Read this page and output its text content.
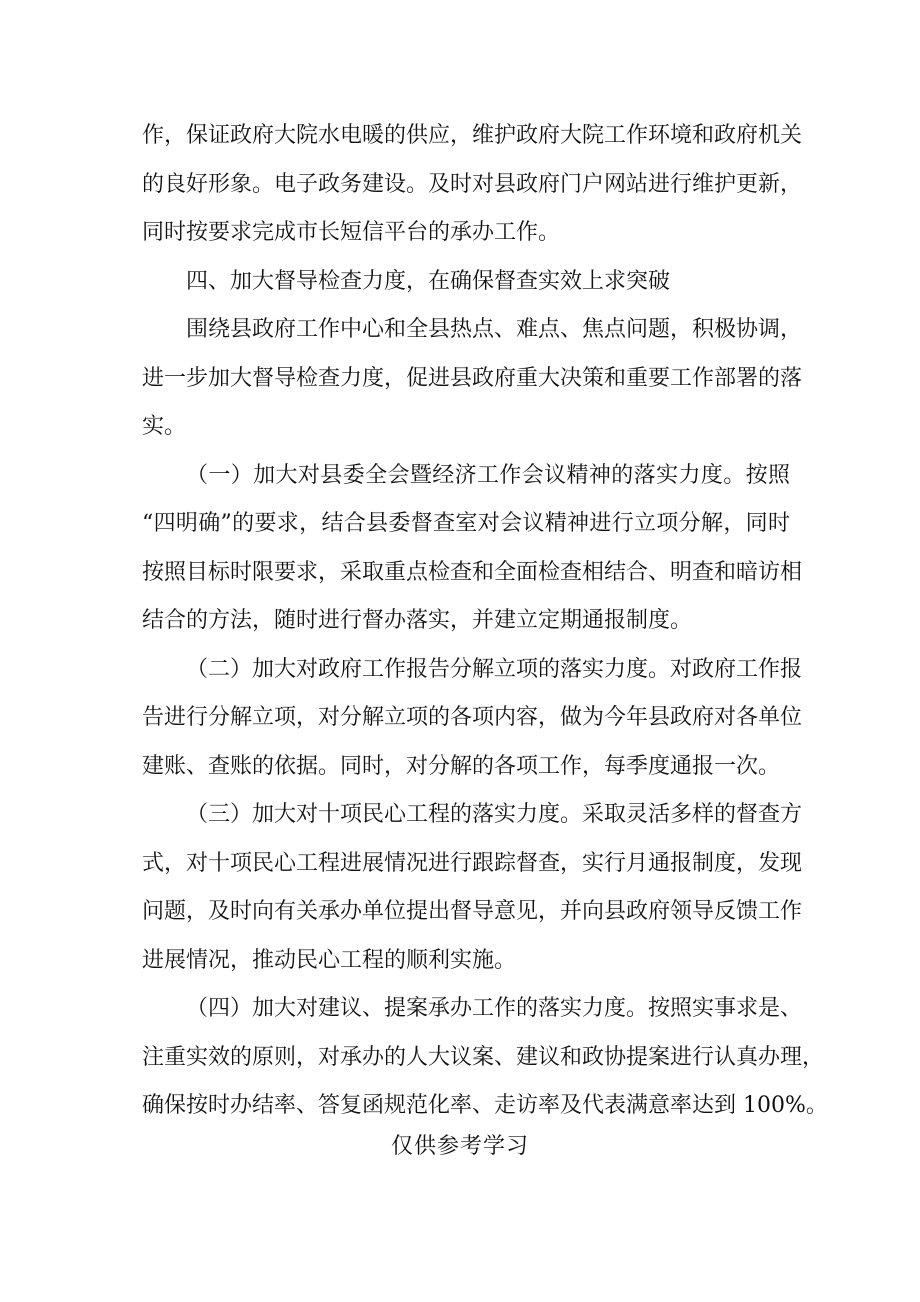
作，保证政府大院水电暖的供应，维护政府大院工作环境和政府机关
的良好形象。电子政务建设。及时对县政府门户网站进行维护更新，
同时按要求完成市长短信平台的承办工作。
四、加大督导检查力度，在确保督查实效上求突破
围绕县政府工作中心和全县热点、难点、焦点问题，积极协调，
进一步加大督导检查力度，促进县政府重大决策和重要工作部署的落
实。
（一）加大对县委全会暨经济工作会议精神的落实力度。按照
“四明确”的要求，结合县委督查室对会议精神进行立项分解，同时
按照目标时限要求，采取重点检查和全面检查相结合、明查和暗访相
结合的方法，随时进行督办落实，并建立定期通报制度。
（二）加大对政府工作报告分解立项的落实力度。对政府工作报
告进行分解立项，对分解立项的各项内容，做为今年县政府对各单位
建账、查账的依据。同时，对分解的各项工作，每季度通报一次。
（三）加大对十项民心工程的落实力度。采取灵活多样的督查方
式，对十项民心工程进展情况进行跟踪督查，实行月通报制度，发现
问题，及时向有关承办单位提出督导意见，并向县政府领导反馈工作
进展情况，推动民心工程的顺利实施。
（四）加大对建议、提案承办工作的落实力度。按照实事求是、
注重实效的原则，对承办的人大议案、建议和政协提案进行认真办理，
确保按时办结率、答复函规范化率、走访率及代表满意率达到 100%。
仅供参考学习
